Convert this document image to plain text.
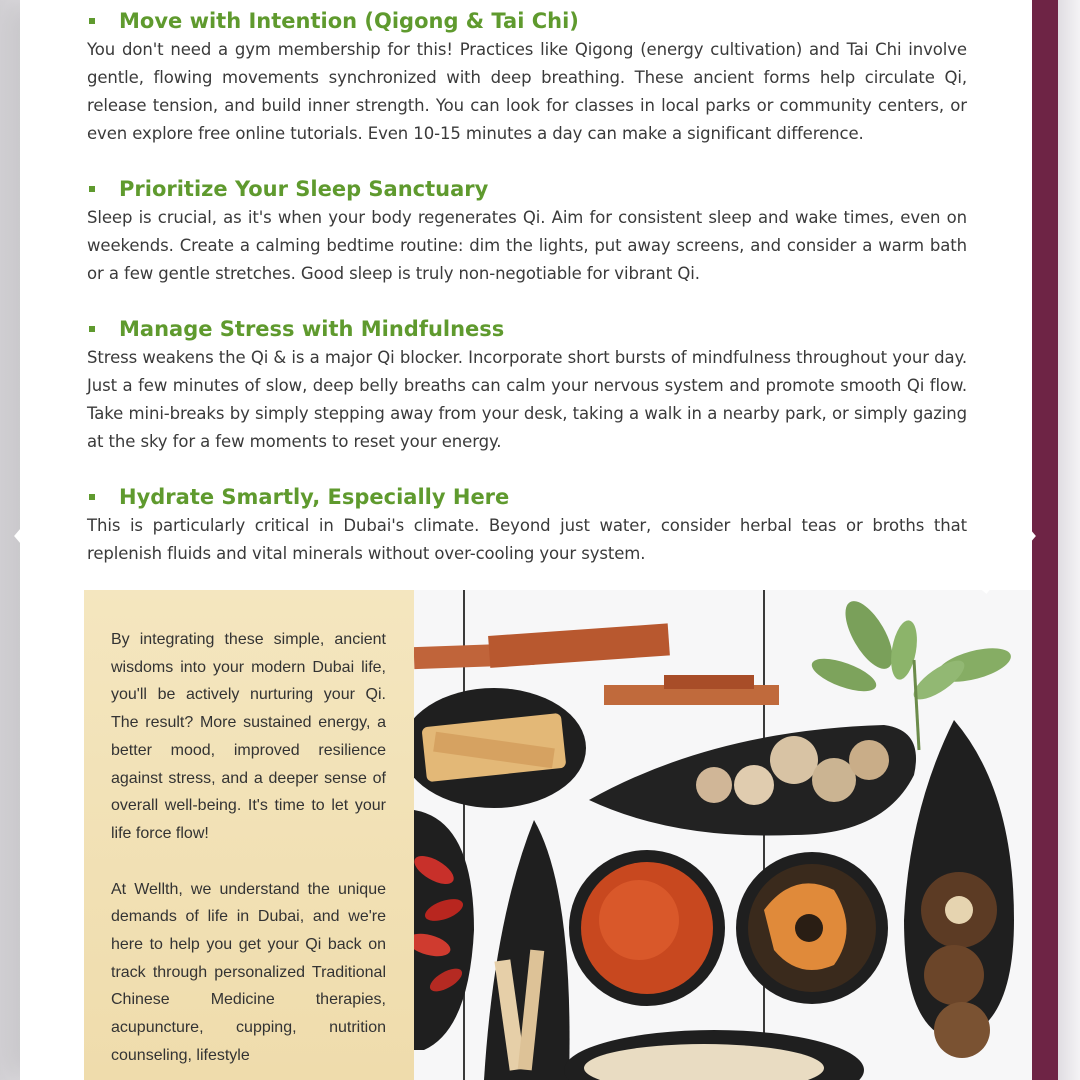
Move with Intention (Qigong & Tai Chi)
You don't need a gym membership for this! Practices like Qigong (energy cultivation) and Tai Chi involve gentle, flowing movements synchronized with deep breathing. These ancient forms help circulate Qi, release tension, and build inner strength. You can look for classes in local parks or community centers, or even explore free online tutorials. Even 10-15 minutes a day can make a significant difference.
Prioritize Your Sleep Sanctuary
Sleep is crucial, as it's when your body regenerates Qi. Aim for consistent sleep and wake times, even on weekends. Create a calming bedtime routine: dim the lights, put away screens, and consider a warm bath or a few gentle stretches. Good sleep is truly non-negotiable for vibrant Qi.
Manage Stress with Mindfulness
Stress weakens the Qi & is a major Qi blocker. Incorporate short bursts of mindfulness throughout your day. Just a few minutes of slow, deep belly breaths can calm your nervous system and promote smooth Qi flow. Take mini-breaks by simply stepping away from your desk, taking a walk in a nearby park, or simply gazing at the sky for a few moments to reset your energy.
Hydrate Smartly, Especially Here
This is particularly critical in Dubai's climate. Beyond just water, consider herbal teas or broths that replenish fluids and vital minerals without over-cooling your system.

By integrating these simple, ancient wisdoms into your modern Dubai life, you'll be actively nurturing your Qi. The result? More sustained energy, a better mood, improved resilience against stress, and a deeper sense of overall well-being. It's time to let your life force flow!

At Wellth, we understand the unique demands of life in Dubai, and we're here to help you get your Qi back on track through personalized Traditional Chinese Medicine therapies, acupuncture, cupping, nutrition counseling, lifestyle
